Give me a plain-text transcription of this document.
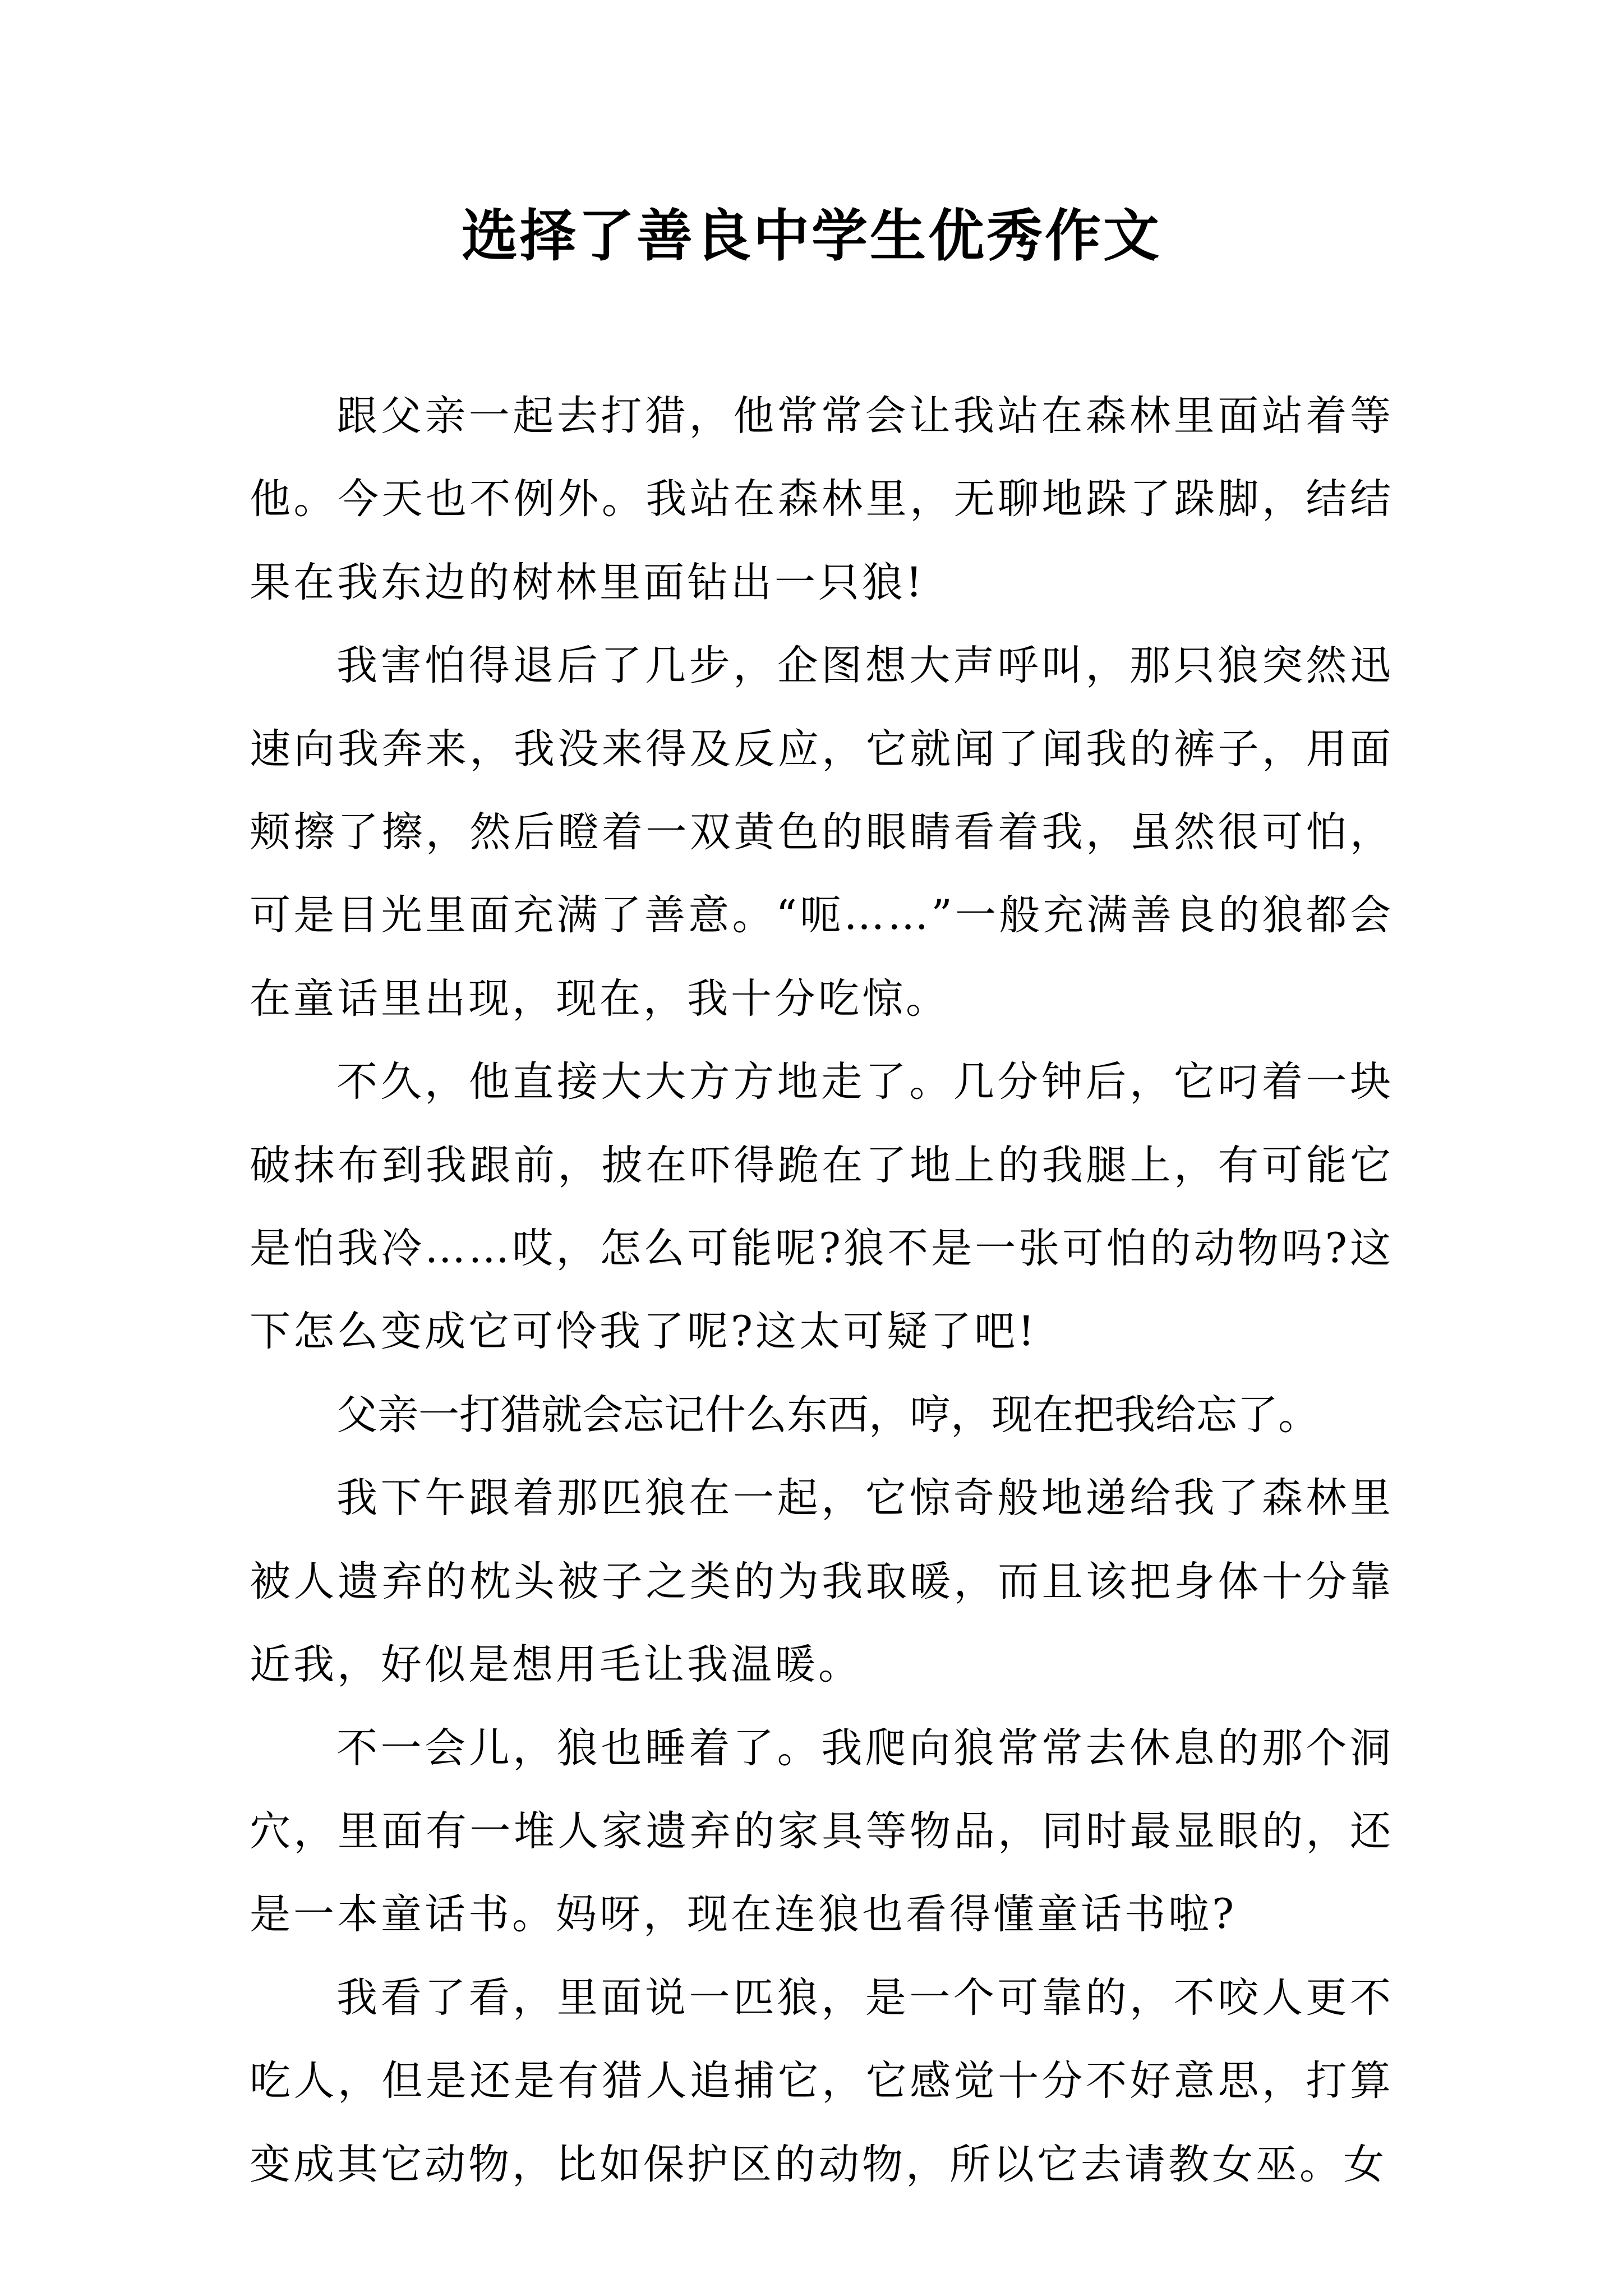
选择了善良中学生优秀作文

跟父亲一起去打猎，他常常会让我站在森林里面站着等他。今天也不例外。我站在森林里，无聊地跺了跺脚，结结果在我东边的树林里面钻出一只狼!

我害怕得退后了几步，企图想大声呼叫，那只狼突然迅速向我奔来，我没来得及反应，它就闻了闻我的裤子，用面颊擦了擦，然后瞪着一双黄色的眼睛看着我，虽然很可怕，可是目光里面充满了善意。“呃……”一般充满善良的狼都会在童话里出现，现在，我十分吃惊。

不久，他直接大大方方地走了。几分钟后，它叼着一块破抹布到我跟前，披在吓得跪在了地上的我腿上，有可能它是怕我冷……哎，怎么可能呢?狼不是一张可怕的动物吗?这下怎么变成它可怜我了呢?这太可疑了吧!

父亲一打猎就会忘记什么东西，哼，现在把我给忘了。

我下午跟着那匹狼在一起，它惊奇般地递给我了森林里被人遗弃的枕头被子之类的为我取暖，而且该把身体十分靠近我，好似是想用毛让我温暖。

不一会儿，狼也睡着了。我爬向狼常常去休息的那个洞穴，里面有一堆人家遗弃的家具等物品，同时最显眼的，还是一本童话书。妈呀，现在连狼也看得懂童话书啦?

我看了看，里面说一匹狼，是一个可靠的，不咬人更不吃人，但是还是有猎人追捕它，它感觉十分不好意思，打算变成其它动物，比如保护区的动物，所以它去请教女巫。女
